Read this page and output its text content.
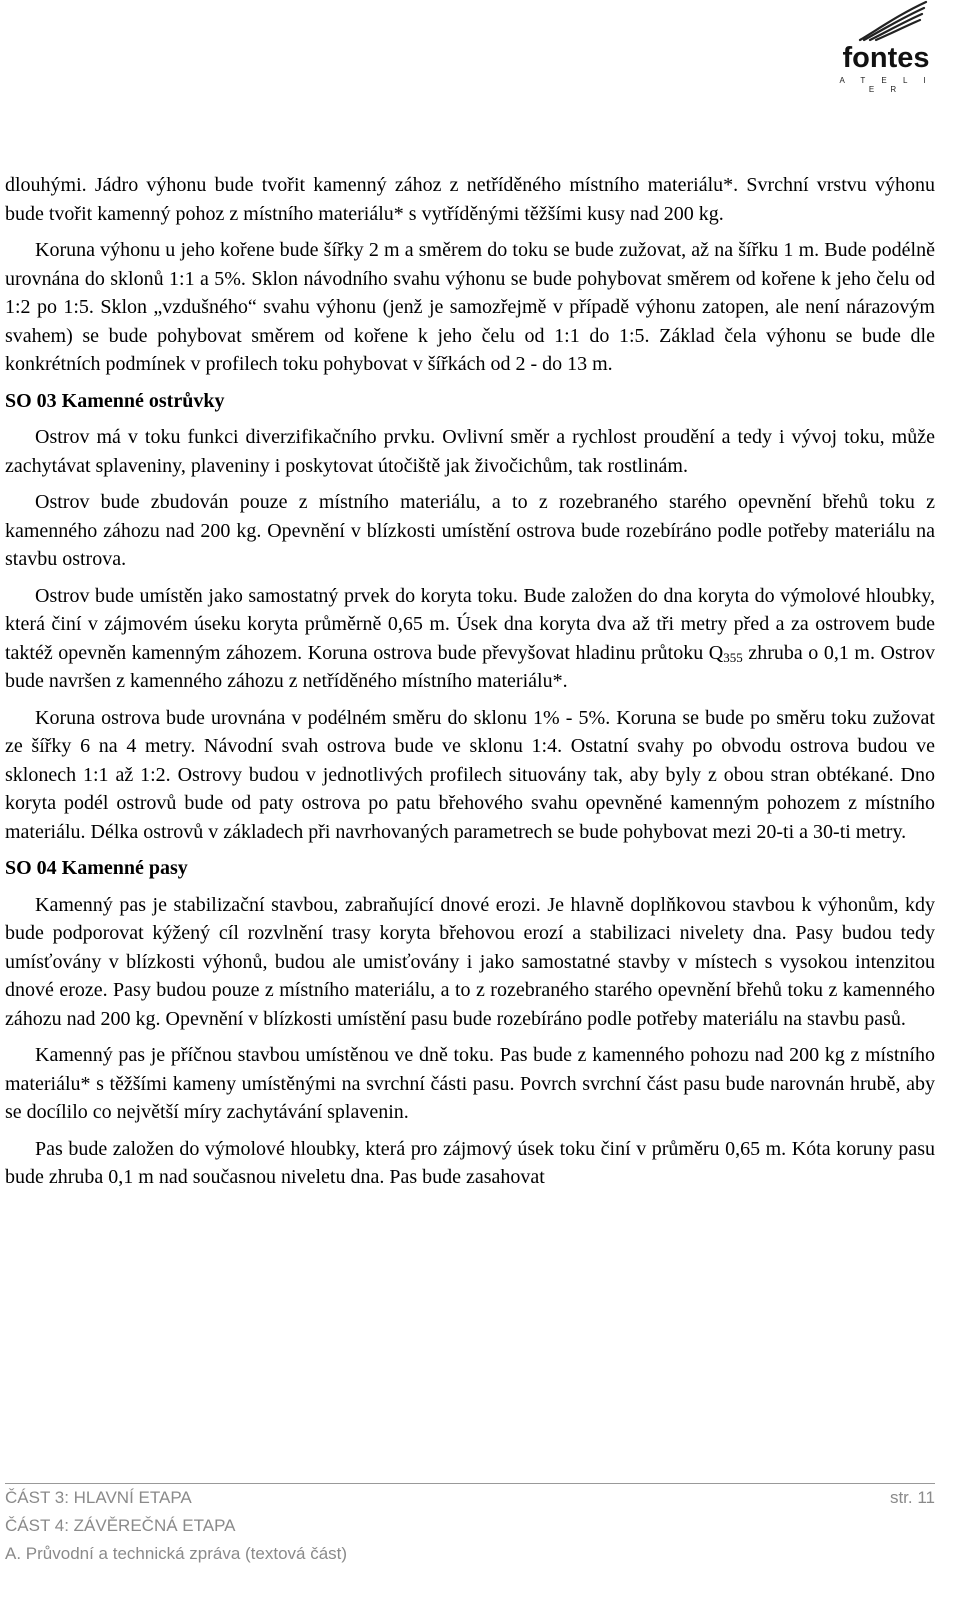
fontes
A T E L I E R

dlouhými. Jádro výhonu bude tvořit kamenný zához z netříděného místního materiálu*. Svrchní vrstvu výhonu bude tvořit kamenný pohoz z místního materiálu* s vytříděnými těžšími kusy nad 200 kg.

Koruna výhonu u jeho kořene bude šířky 2 m a směrem do toku se bude zužovat, až na šířku 1 m. Bude podélně urovnána do sklonů 1:1 a 5%. Sklon návodního svahu výhonu se bude pohybovat směrem od kořene k jeho čelu od 1:2 po 1:5. Sklon „vzdušného“ svahu výhonu (jenž je samozřejmě v případě výhonu zatopen, ale není nárazovým svahem) se bude pohybovat směrem od kořene k jeho čelu od 1:1 do 1:5. Základ čela výhonu se bude dle konkrétních podmínek v profilech toku pohybovat v šířkách od 2 - do 13 m.

SO 03 Kamenné ostrůvky

Ostrov má v toku funkci diverzifikačního prvku. Ovlivní směr a rychlost proudění a tedy i vývoj toku, může zachytávat splaveniny, plaveniny i poskytovat útočiště jak živočichům, tak rostlinám.

Ostrov bude zbudován pouze z místního materiálu, a to z rozebraného starého opevnění břehů toku z kamenného záhozu nad 200 kg. Opevnění v blízkosti umístění ostrova bude rozebíráno podle potřeby materiálu na stavbu ostrova.

Ostrov bude umístěn jako samostatný prvek do koryta toku. Bude založen do dna koryta do výmolové hloubky, která činí v zájmovém úseku koryta průměrně 0,65 m. Úsek dna koryta dva až tři metry před a za ostrovem bude taktéž opevněn kamenným záhozem. Koruna ostrova bude převyšovat hladinu průtoku $Q_{355}$ zhruba o 0,1 m. Ostrov bude navršen z kamenného záhozu z netříděného místního materiálu*.

Koruna ostrova bude urovnána v podélném směru do sklonu 1% - 5%. Koruna se bude po směru toku zužovat ze šířky 6 na 4 metry. Návodní svah ostrova bude ve sklonu 1:4. Ostatní svahy po obvodu ostrova budou ve sklonech 1:1 až 1:2. Ostrovy budou v jednotlivých profilech situovány tak, aby byly z obou stran obtékané. Dno koryta podél ostrovů bude od paty ostrova po patu břehového svahu opevněné kamenným pohozem z místního materiálu. Délka ostrovů v základech při navrhovaných parametrech se bude pohybovat mezi 20-ti a 30-ti metry.

SO 04 Kamenné pasy

Kamenný pas je stabilizační stavbou, zabraňující dnové erozi. Je hlavně doplňkovou stavbou k výhonům, kdy bude podporovat kýžený cíl rozvlnění trasy koryta břehovou erozí a stabilizaci nivelety dna. Pasy budou tedy umísťovány v blízkosti výhonů, budou ale umisťovány i jako samostatné stavby v místech s vysokou intenzitou dnové eroze. Pasy budou pouze z místního materiálu, a to z rozebraného starého opevnění břehů toku z kamenného záhozu nad 200 kg. Opevnění v blízkosti umístění pasu bude rozebíráno podle potřeby materiálu na stavbu pasů.

Kamenný pas je příčnou stavbou umístěnou ve dně toku. Pas bude z kamenného pohozu nad 200 kg z místního materiálu* s těžšími kameny umístěnými na svrchní části pasu. Povrch svrchní část pasu bude narovnán hrubě, aby se docílilo co největší míry zachytávání splavenin.

Pas bude založen do výmolové hloubky, která pro zájmový úsek toku činí v průměru 0,65 m. Kóta koruny pasu bude zhruba 0,1 m nad současnou niveletu dna. Pas bude zasahovat

ČÁST 3: HLAVNÍ ETAPA	str. 11
ČÁST 4: ZÁVĚREČNÁ ETAPA
A. Průvodní a technická zpráva (textová část)
